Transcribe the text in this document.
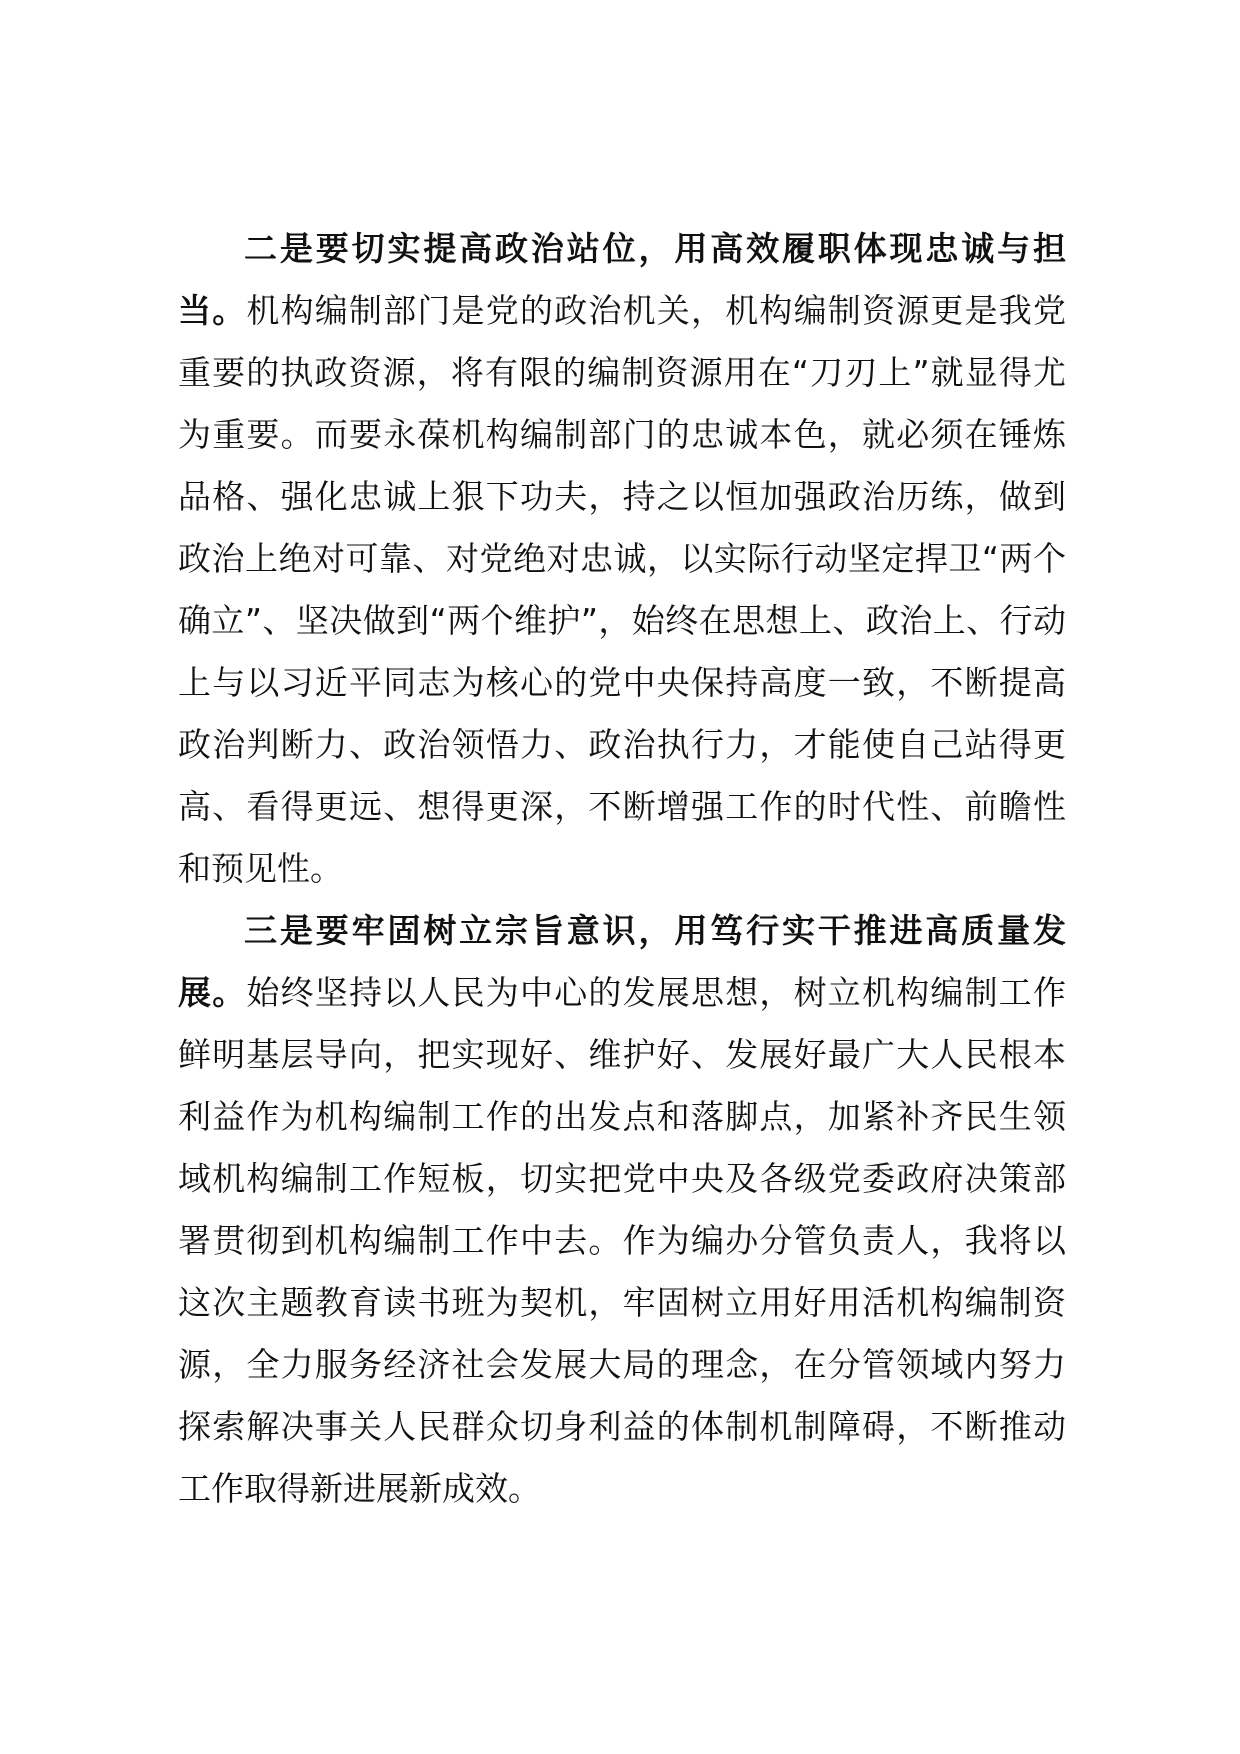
二是要切实提高政治站位，用高效履职体现忠诚与担当。机构编制部门是党的政治机关，机构编制资源更是我党重要的执政资源，将有限的编制资源用在“刀刃上”就显得尤为重要。而要永葆机构编制部门的忠诚本色，就必须在锤炼品格、强化忠诚上狠下功夫，持之以恒加强政治历练，做到政治上绝对可靠、对党绝对忠诚，以实际行动坚定捍卫“两个确立”、坚决做到“两个维护”，始终在思想上、政治上、行动上与以习近平同志为核心的党中央保持高度一致，不断提高政治判断力、政治领悟力、政治执行力，才能使自己站得更高、看得更远、想得更深，不断增强工作的时代性、前瞻性和预见性。

三是要牢固树立宗旨意识，用笃行实干推进高质量发展。始终坚持以人民为中心的发展思想，树立机构编制工作鲜明基层导向，把实现好、维护好、发展好最广大人民根本利益作为机构编制工作的出发点和落脚点，加紧补齐民生领域机构编制工作短板，切实把党中央及各级党委政府决策部署贯彻到机构编制工作中去。作为编办分管负责人，我将以这次主题教育读书班为契机，牢固树立用好用活机构编制资源，全力服务经济社会发展大局的理念，在分管领域内努力探索解决事关人民群众切身利益的体制机制障碍，不断推动工作取得新进展新成效。
